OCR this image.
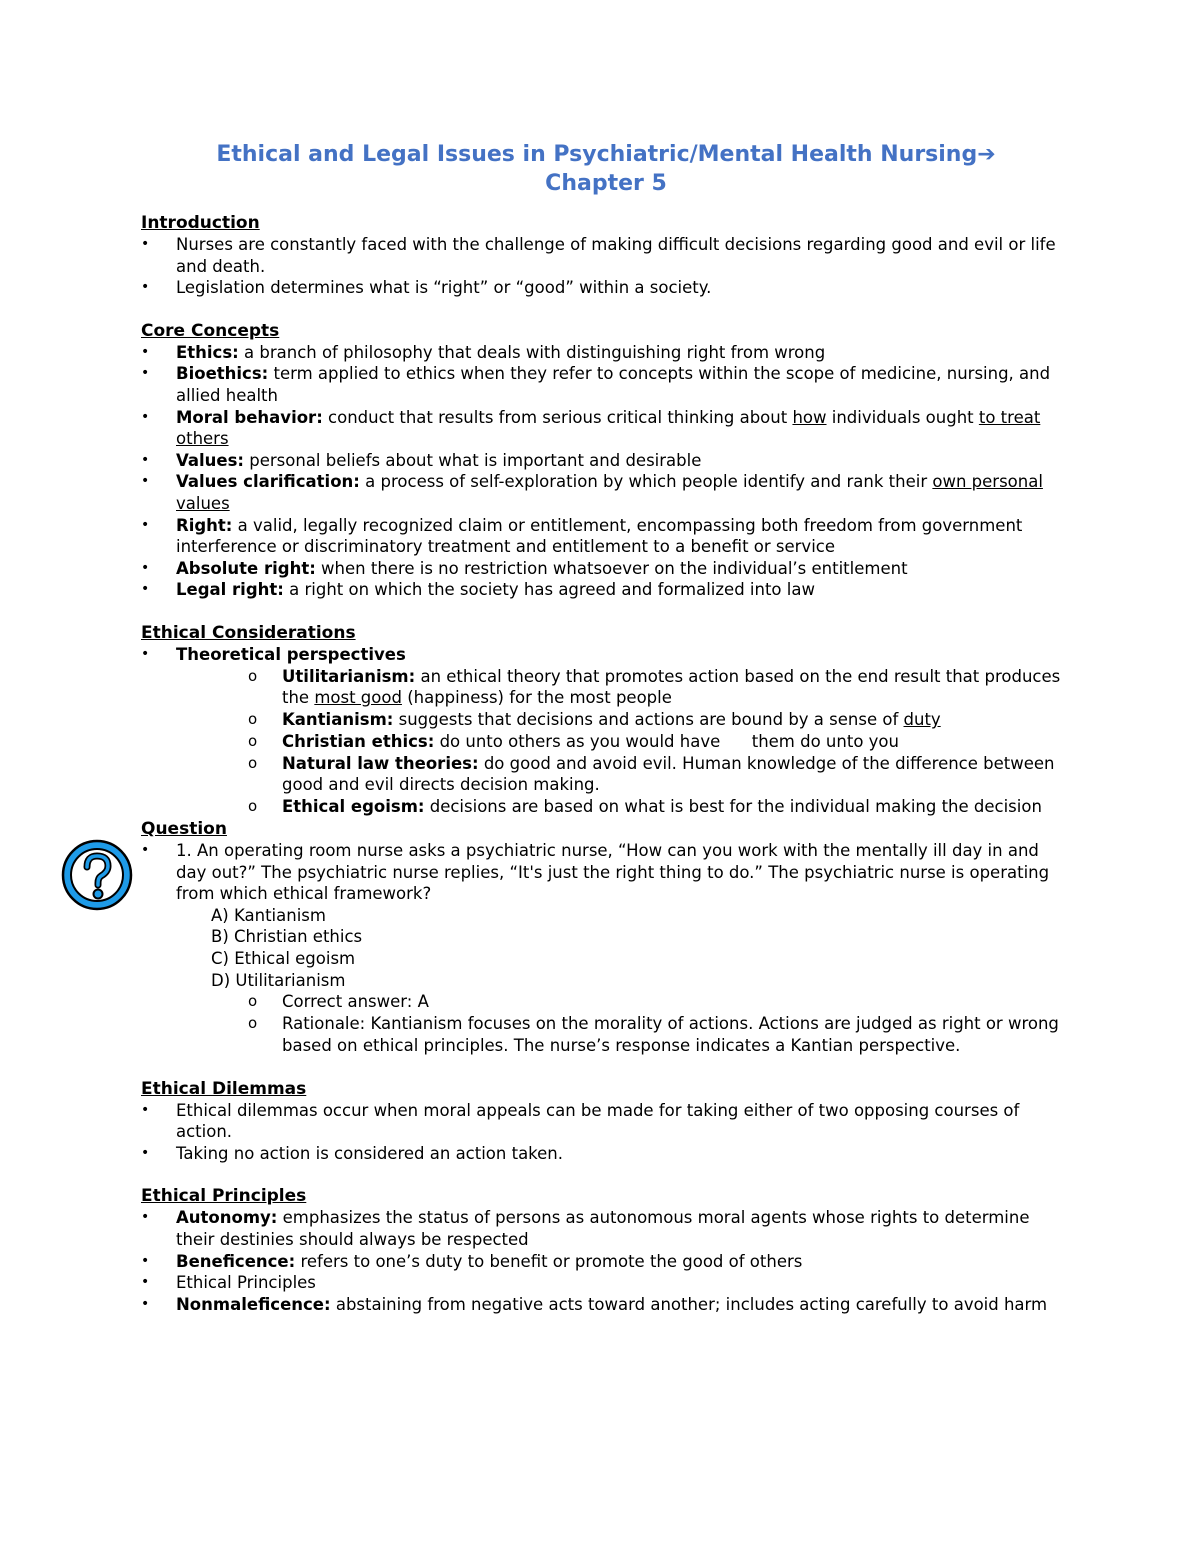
Ethical and Legal Issues in Psychiatric/Mental Health Nursing➔
Chapter 5
Introduction
• Nurses are constantly faced with the challenge of making difficult decisions regarding good and evil or life and death.
• Legislation determines what is “right” or “good” within a society.
Core Concepts
• Ethics: a branch of philosophy that deals with distinguishing right from wrong
• Bioethics: term applied to ethics when they refer to concepts within the scope of medicine, nursing, and allied health
• Moral behavior: conduct that results from serious critical thinking about how individuals ought to treat others
• Values: personal beliefs about what is important and desirable
• Values clarification: a process of self-exploration by which people identify and rank their own personal values
• Right: a valid, legally recognized claim or entitlement, encompassing both freedom from government interference or discriminatory treatment and entitlement to a benefit or service
• Absolute right: when there is no restriction whatsoever on the individual’s entitlement
• Legal right: a right on which the society has agreed and formalized into law
Ethical Considerations
• Theoretical perspectives
o Utilitarianism: an ethical theory that promotes action based on the end result that produces the most good (happiness) for the most people
o Kantianism: suggests that decisions and actions are bound by a sense of duty
o Christian ethics: do unto others as you would have      them do unto you
o Natural law theories: do good and avoid evil. Human knowledge of the difference between good and evil directs decision making.
o Ethical egoism: decisions are based on what is best for the individual making the decision
Question
• 1. An operating room nurse asks a psychiatric nurse, “How can you work with the mentally ill day in and day out?” The psychiatric nurse replies, “It's just the right thing to do.” The psychiatric nurse is operating from which ethical framework?
A) Kantianism
B) Christian ethics
C) Ethical egoism
D) Utilitarianism
o Correct answer: A
o Rationale: Kantianism focuses on the morality of actions. Actions are judged as right or wrong based on ethical principles. The nurse’s response indicates a Kantian perspective.
Ethical Dilemmas
• Ethical dilemmas occur when moral appeals can be made for taking either of two opposing courses of action.
• Taking no action is considered an action taken.
Ethical Principles
• Autonomy: emphasizes the status of persons as autonomous moral agents whose rights to determine their destinies should always be respected
• Beneficence: refers to one’s duty to benefit or promote the good of others
• Ethical Principles
• Nonmaleficence: abstaining from negative acts toward another; includes acting carefully to avoid harm
